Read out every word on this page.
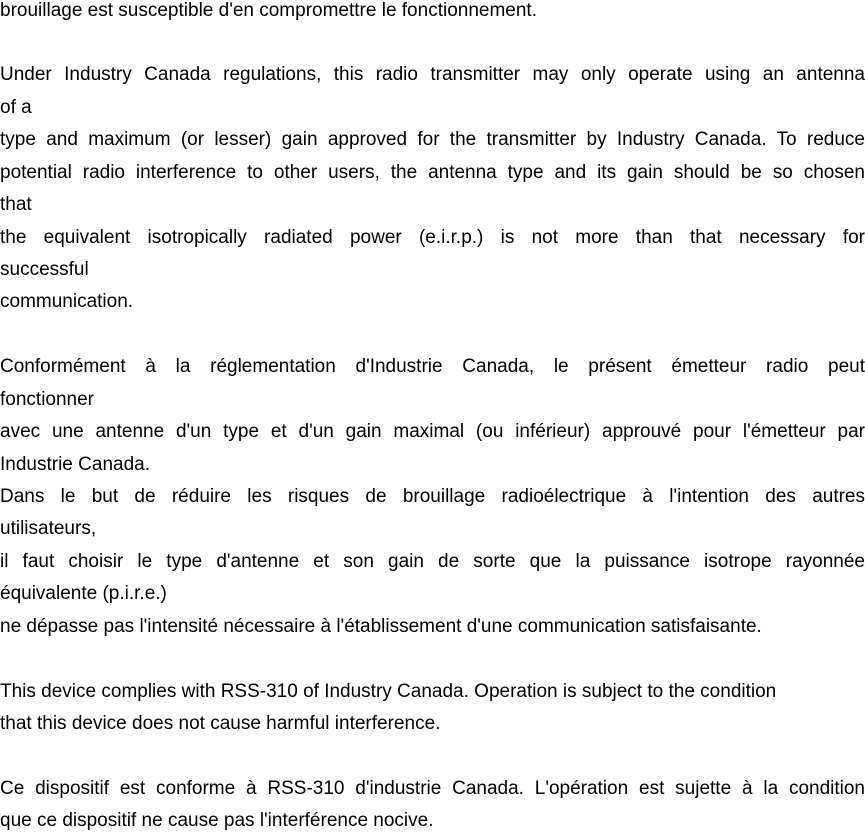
brouillage est susceptible d'en compromettre le fonctionnement.
Under Industry Canada regulations, this radio transmitter may only operate using an antenna
of a
type and maximum (or lesser) gain approved for the transmitter by Industry Canada. To reduce
potential radio interference to other users, the antenna type and its gain should be so chosen
that
the equivalent isotropically radiated power (e.i.r.p.) is not more than that necessary for
successful
communication.
Conformément à la réglementation d'Industrie Canada, le présent émetteur radio peut
fonctionner
avec une antenne d'un type et d'un gain maximal (ou inférieur) approuvé pour l'émetteur par
Industrie Canada.
Dans le but de réduire les risques de brouillage radioélectrique à l'intention des autres
utilisateurs,
il faut choisir le type d'antenne et son gain de sorte que la puissance isotrope rayonnée
équivalente (p.i.r.e.)
ne dépasse pas l'intensité nécessaire à l'établissement d'une communication satisfaisante.
This device complies with RSS-310 of Industry Canada. Operation is subject to the condition
that this device does not cause harmful interference.
Ce dispositif est conforme à RSS-310 d'industrie Canada. L'opération est sujette à la condition
que ce dispositif ne cause pas l'interférence nocive.
